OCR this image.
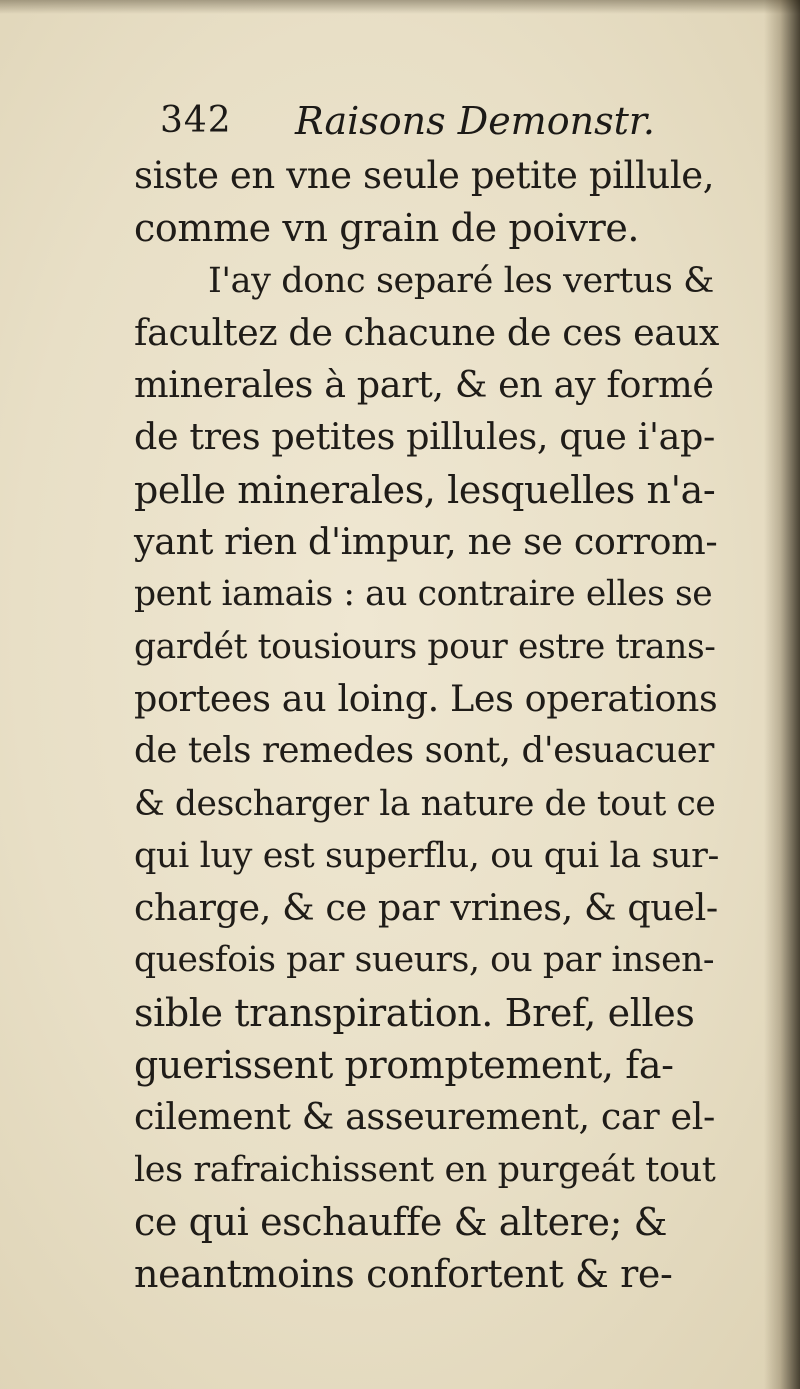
342 Raisons Demonstr.
siste en vne seule petite pillule,
comme vn grain de poivre.
I'ay donc separé les vertus &
facultez de chacune de ces eaux
minerales à part, & en ay formé
de tres petites pillules, que i'ap-
pelle minerales, lesquelles n'a-
yant rien d'impur, ne se corrom-
pent iamais : au contraire elles se
gardét tousiours pour estre trans-
portees au loing. Les operations
de tels remedes sont, d'esuacuer
& descharger la nature de tout ce
qui luy est superflu, ou qui la sur-
charge, & ce par vrines, & quel-
quesfois par sueurs, ou par insen-
sible transpiration. Bref, elles
guerissent promptement, fa-
cilement & asseurement, car el-
les rafraichissent en purgeát tout
ce qui eschauffe & altere; &
neantmoins confortent & re-
